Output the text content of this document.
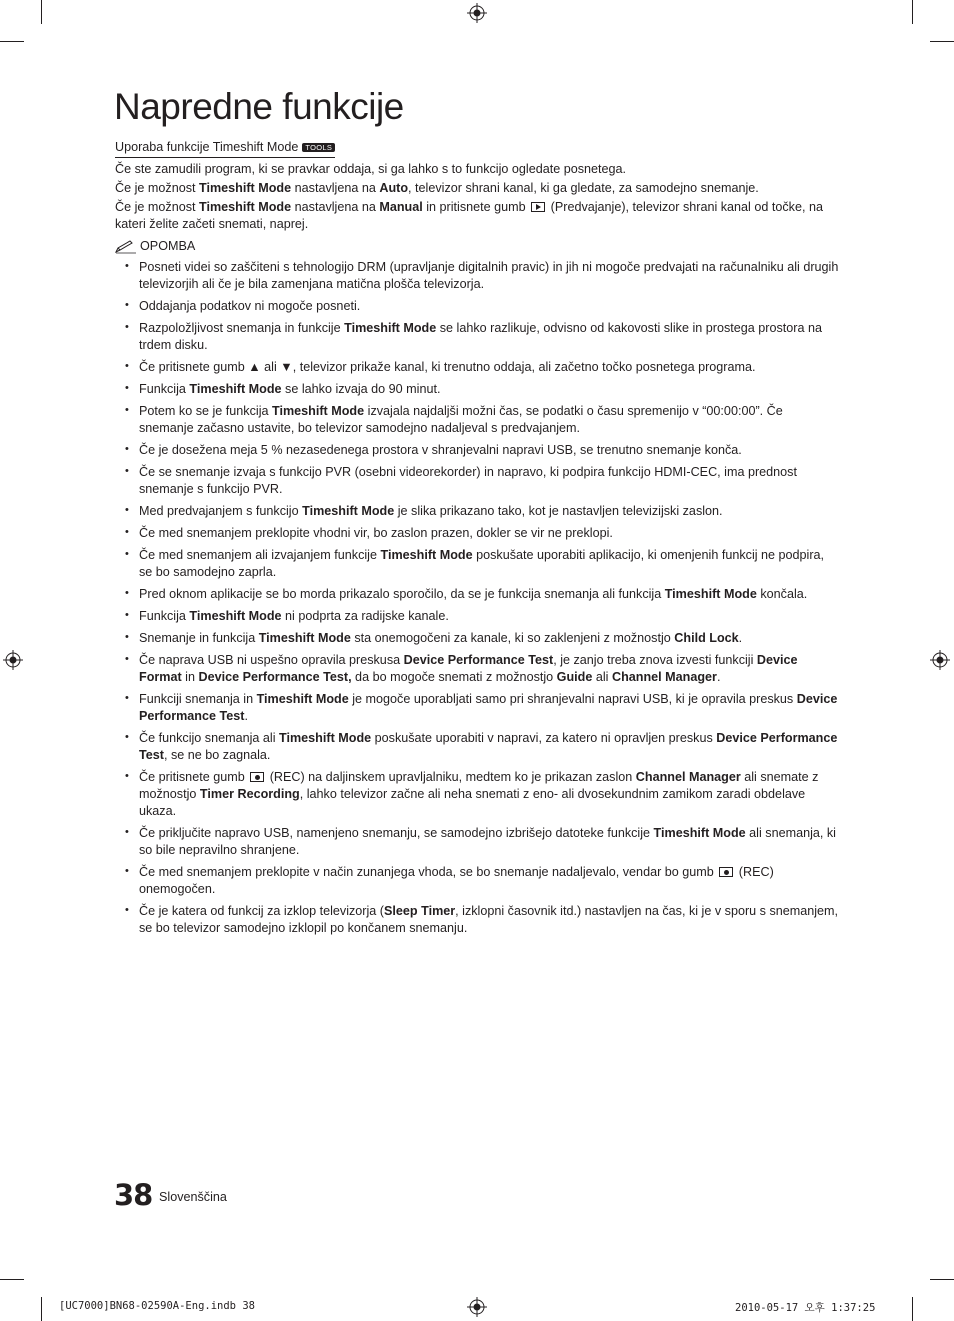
Napredne funkcije
Uporaba funkcije Timeshift Mode TOOLS
Če ste zamudili program, ki se pravkar oddaja, si ga lahko s to funkcijo ogledate posnetega.
Če je možnost Timeshift Mode nastavljena na Auto, televizor shrani kanal, ki ga gledate, za samodejno snemanje.
Če je možnost Timeshift Mode nastavljena na Manual in pritisnete gumb  (Predvajanje), televizor shrani kanal od točke, na kateri želite začeti snemati, naprej.
OPOMBA
• Posneti videi so zaščiteni s tehnologijo DRM (upravljanje digitalnih pravic) in jih ni mogoče predvajati na računalniku ali drugih televizorjih ali če je bila zamenjana matična plošča televizorja.
• Oddajanja podatkov ni mogoče posneti.
• Razpoložljivost snemanja in funkcije Timeshift Mode se lahko razlikuje, odvisno od kakovosti slike in prostega prostora na trdem disku.
• Če pritisnete gumb ▲ ali ▼, televizor prikaže kanal, ki trenutno oddaja, ali začetno točko posnetega programa.
• Funkcija Timeshift Mode se lahko izvaja do 90 minut.
• Potem ko se je funkcija Timeshift Mode izvajala najdaljši možni čas, se podatki o času spremenijo v “00:00:00”. Če snemanje začasno ustavite, bo televizor samodejno nadaljeval s predvajanjem.
• Če je dosežena meja 5 % nezasedenega prostora v shranjevalni napravi USB, se trenutno snemanje konča.
• Če se snemanje izvaja s funkcijo PVR (osebni videorekorder) in napravo, ki podpira funkcijo HDMI-CEC, ima prednost snemanje s funkcijo PVR.
• Med predvajanjem s funkcijo Timeshift Mode je slika prikazano tako, kot je nastavljen televizijski zaslon.
• Če med snemanjem preklopite vhodni vir, bo zaslon prazen, dokler se vir ne preklopi.
• Če med snemanjem ali izvajanjem funkcije Timeshift Mode poskušate uporabiti aplikacijo, ki omenjenih funkcij ne podpira, se bo samodejno zaprla.
• Pred oknom aplikacije se bo morda prikazalo sporočilo, da se je funkcija snemanja ali funkcija Timeshift Mode končala.
• Funkcija Timeshift Mode ni podprta za radijske kanale.
• Snemanje in funkcija Timeshift Mode sta onemogočeni za kanale, ki so zaklenjeni z možnostjo Child Lock.
• Če naprava USB ni uspešno opravila preskusa Device Performance Test, je zanjo treba znova izvesti funkciji Device Format in Device Performance Test, da bo mogoče snemati z možnostjo Guide ali Channel Manager.
• Funkciji snemanja in Timeshift Mode je mogoče uporabljati samo pri shranjevalni napravi USB, ki je opravila preskus Device Performance Test.
• Če funkcijo snemanja ali Timeshift Mode poskušate uporabiti v napravi, za katero ni opravljen preskus Device Performance Test, se ne bo zagnala.
• Če pritisnete gumb  (REC) na daljinskem upravljalniku, medtem ko je prikazan zaslon Channel Manager ali snemate z možnostjo Timer Recording, lahko televizor začne ali neha snemati z eno- ali dvosekundnim zamikom zaradi obdelave ukaza.
• Če priključite napravo USB, namenjeno snemanju, se samodejno izbrišejo datoteke funkcije Timeshift Mode ali snemanja, ki so bile nepravilno shranjene.
• Če med snemanjem preklopite v način zunanjega vhoda, se bo snemanje nadaljevalo, vendar bo gumb  (REC) onemogočen.
• Če je katera od funkcij za izklop televizorja (Sleep Timer, izklopni časovnik itd.) nastavljen na čas, ki je v sporu s snemanjem, se bo televizor samodejno izklopil po končanem snemanju.
38 Slovenščina
[UC7000]BN68-02590A-Eng.indb 38	2010-05-17 오후 1:37:25
